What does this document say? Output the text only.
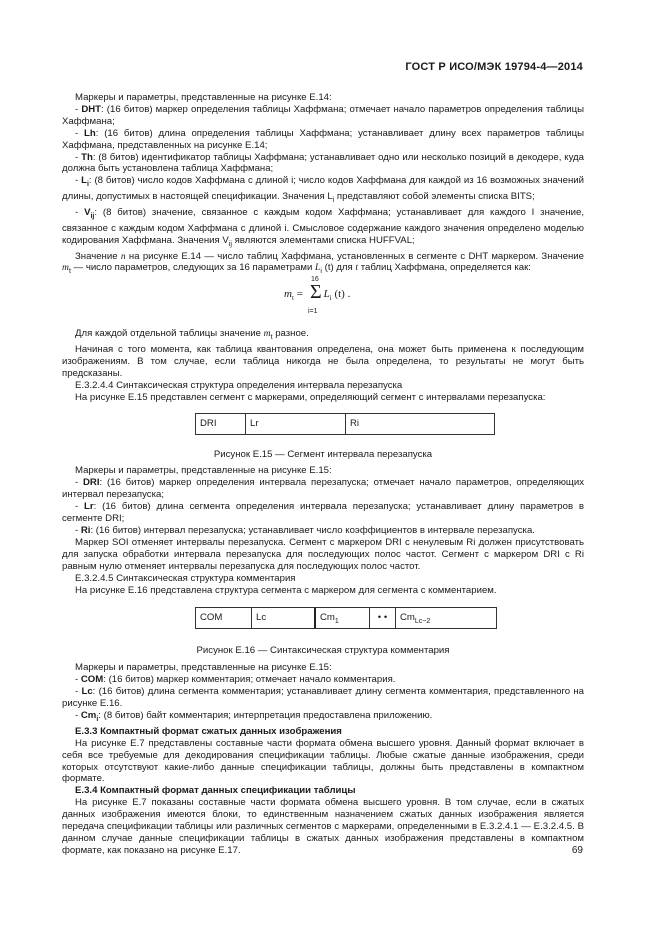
ГОСТ Р ИСО/МЭК 19794-4—2014

Маркеры и параметры, представленные на рисунке Е.14:

- DHT: (16 битов) маркер определения таблицы Хаффмана; отмечает начало параметров определения таблицы Хаффмана;

- Lh: (16 битов) длина определения таблицы Хаффмана; устанавливает длину всех параметров таблицы Хаффмана, представленных на рисунке Е.14;

- Th: (8 битов) идентификатор таблицы Хаффмана; устанавливает одно или несколько позиций в декодере, куда должна быть установлена таблица Хаффмана;

- $L_i$: (8 битов) число кодов Хаффмана с длиной i; число кодов Хаффмана для каждой из 16 возможных значений длины, допустимых в настоящей спецификации. Значения $L_i$ представляют собой элементы списка BITS;

- $V_{ij}$: (8 битов) значение, связанное с каждым кодом Хаффмана; устанавливает для каждого I значение, связанное с каждым кодом Хаффмана с длиной i. Смысловое содержание каждого значения определено моделью кодирования Хаффмана. Значения $V_{ij}$ являются элементами списка HUFFVAL;

Значение n на рисунке Е.14 — число таблиц Хаффмана, установленных в сегменте с DHT маркером. Значение $m_t$ — число параметров, следующих за 16 параметрами $L_i$ (t) для t таблиц Хаффмана, определяется как:

$m_t = L_i$ (t) .
16
Σ
i=1

Для каждой отдельной таблицы значение $m_t$ разное.

Начиная с того момента, как таблица квантования определена, она может быть применена к последующим изображениям. В том случае, если таблица никогда не была определена, то результаты не могут быть предсказаны.

Е.3.2.4.4 Синтаксическая структура определения интервала перезапуска

На рисунке Е.15 представлен сегмент с маркерами, определяющий сегмент с интервалами перезапуска:

DRI	Lr	Ri

Рисунок Е.15 — Сегмент интервала перезапуска

Маркеры и параметры, представленные на рисунке Е.15:

- DRI: (16 битов) маркер определения интервала перезапуска; отмечает начало параметров, определяющих интервал перезапуска;

- Lr: (16 битов) длина сегмента определения интервала перезапуска; устанавливает длину параметров в сегменте DRI;

- Ri: (16 битов) интервал перезапуска; устанавливает число коэффициентов в интервале перезапуска.

Маркер SOI отменяет интервалы перезапуска. Сегмент с маркером DRI с ненулевым Ri должен присутствовать для запуска обработки интервала перезапуска для последующих полос частот. Сегмент с маркером DRI с Ri равным нулю отменяет интервалы перезапуска для последующих полос частот.

Е.3.2.4.5 Синтаксическая структура комментария

На рисунке Е.16 представлена структура сегмента с маркером для сегмента с комментарием.

COM	Lc	$Cm_1$	• •	$Cm_{Lc-2}$

Рисунок Е.16 — Синтаксическая структура комментария

Маркеры и параметры, представленные на рисунке Е.15:

- COM: (16 битов) маркер комментария; отмечает начало комментария.

- Lc: (16 битов) длина сегмента комментария; устанавливает длину сегмента комментария, представленного на рисунке Е.16.

- $Cm_i$: (8 битов) байт комментария; интерпретация предоставлена приложению.

Е.3.3 Компактный формат сжатых данных изображения

На рисунке Е.7 представлены составные части формата обмена высшего уровня. Данный формат включает в себя все требуемые для декодирования спецификации таблицы. Любые сжатые данные изображения, среди которых отсутствуют какие-либо данные спецификации таблицы, должны быть представлены в компактном формате.

Е.3.4 Компактный формат данных спецификации таблицы

На рисунке Е.7 показаны составные части формата обмена высшего уровня. В том случае, если в сжатых данных изображения имеются блоки, то единственным назначением сжатых данных изображения является передача спецификации таблицы или различных сегментов с маркерами, определенными в Е.3.2.4.1 — Е.3.2.4.5. В данном случае данные спецификации таблицы в сжатых данных изображения представлены в компактном формате, как показано на рисунке Е.17.	69
